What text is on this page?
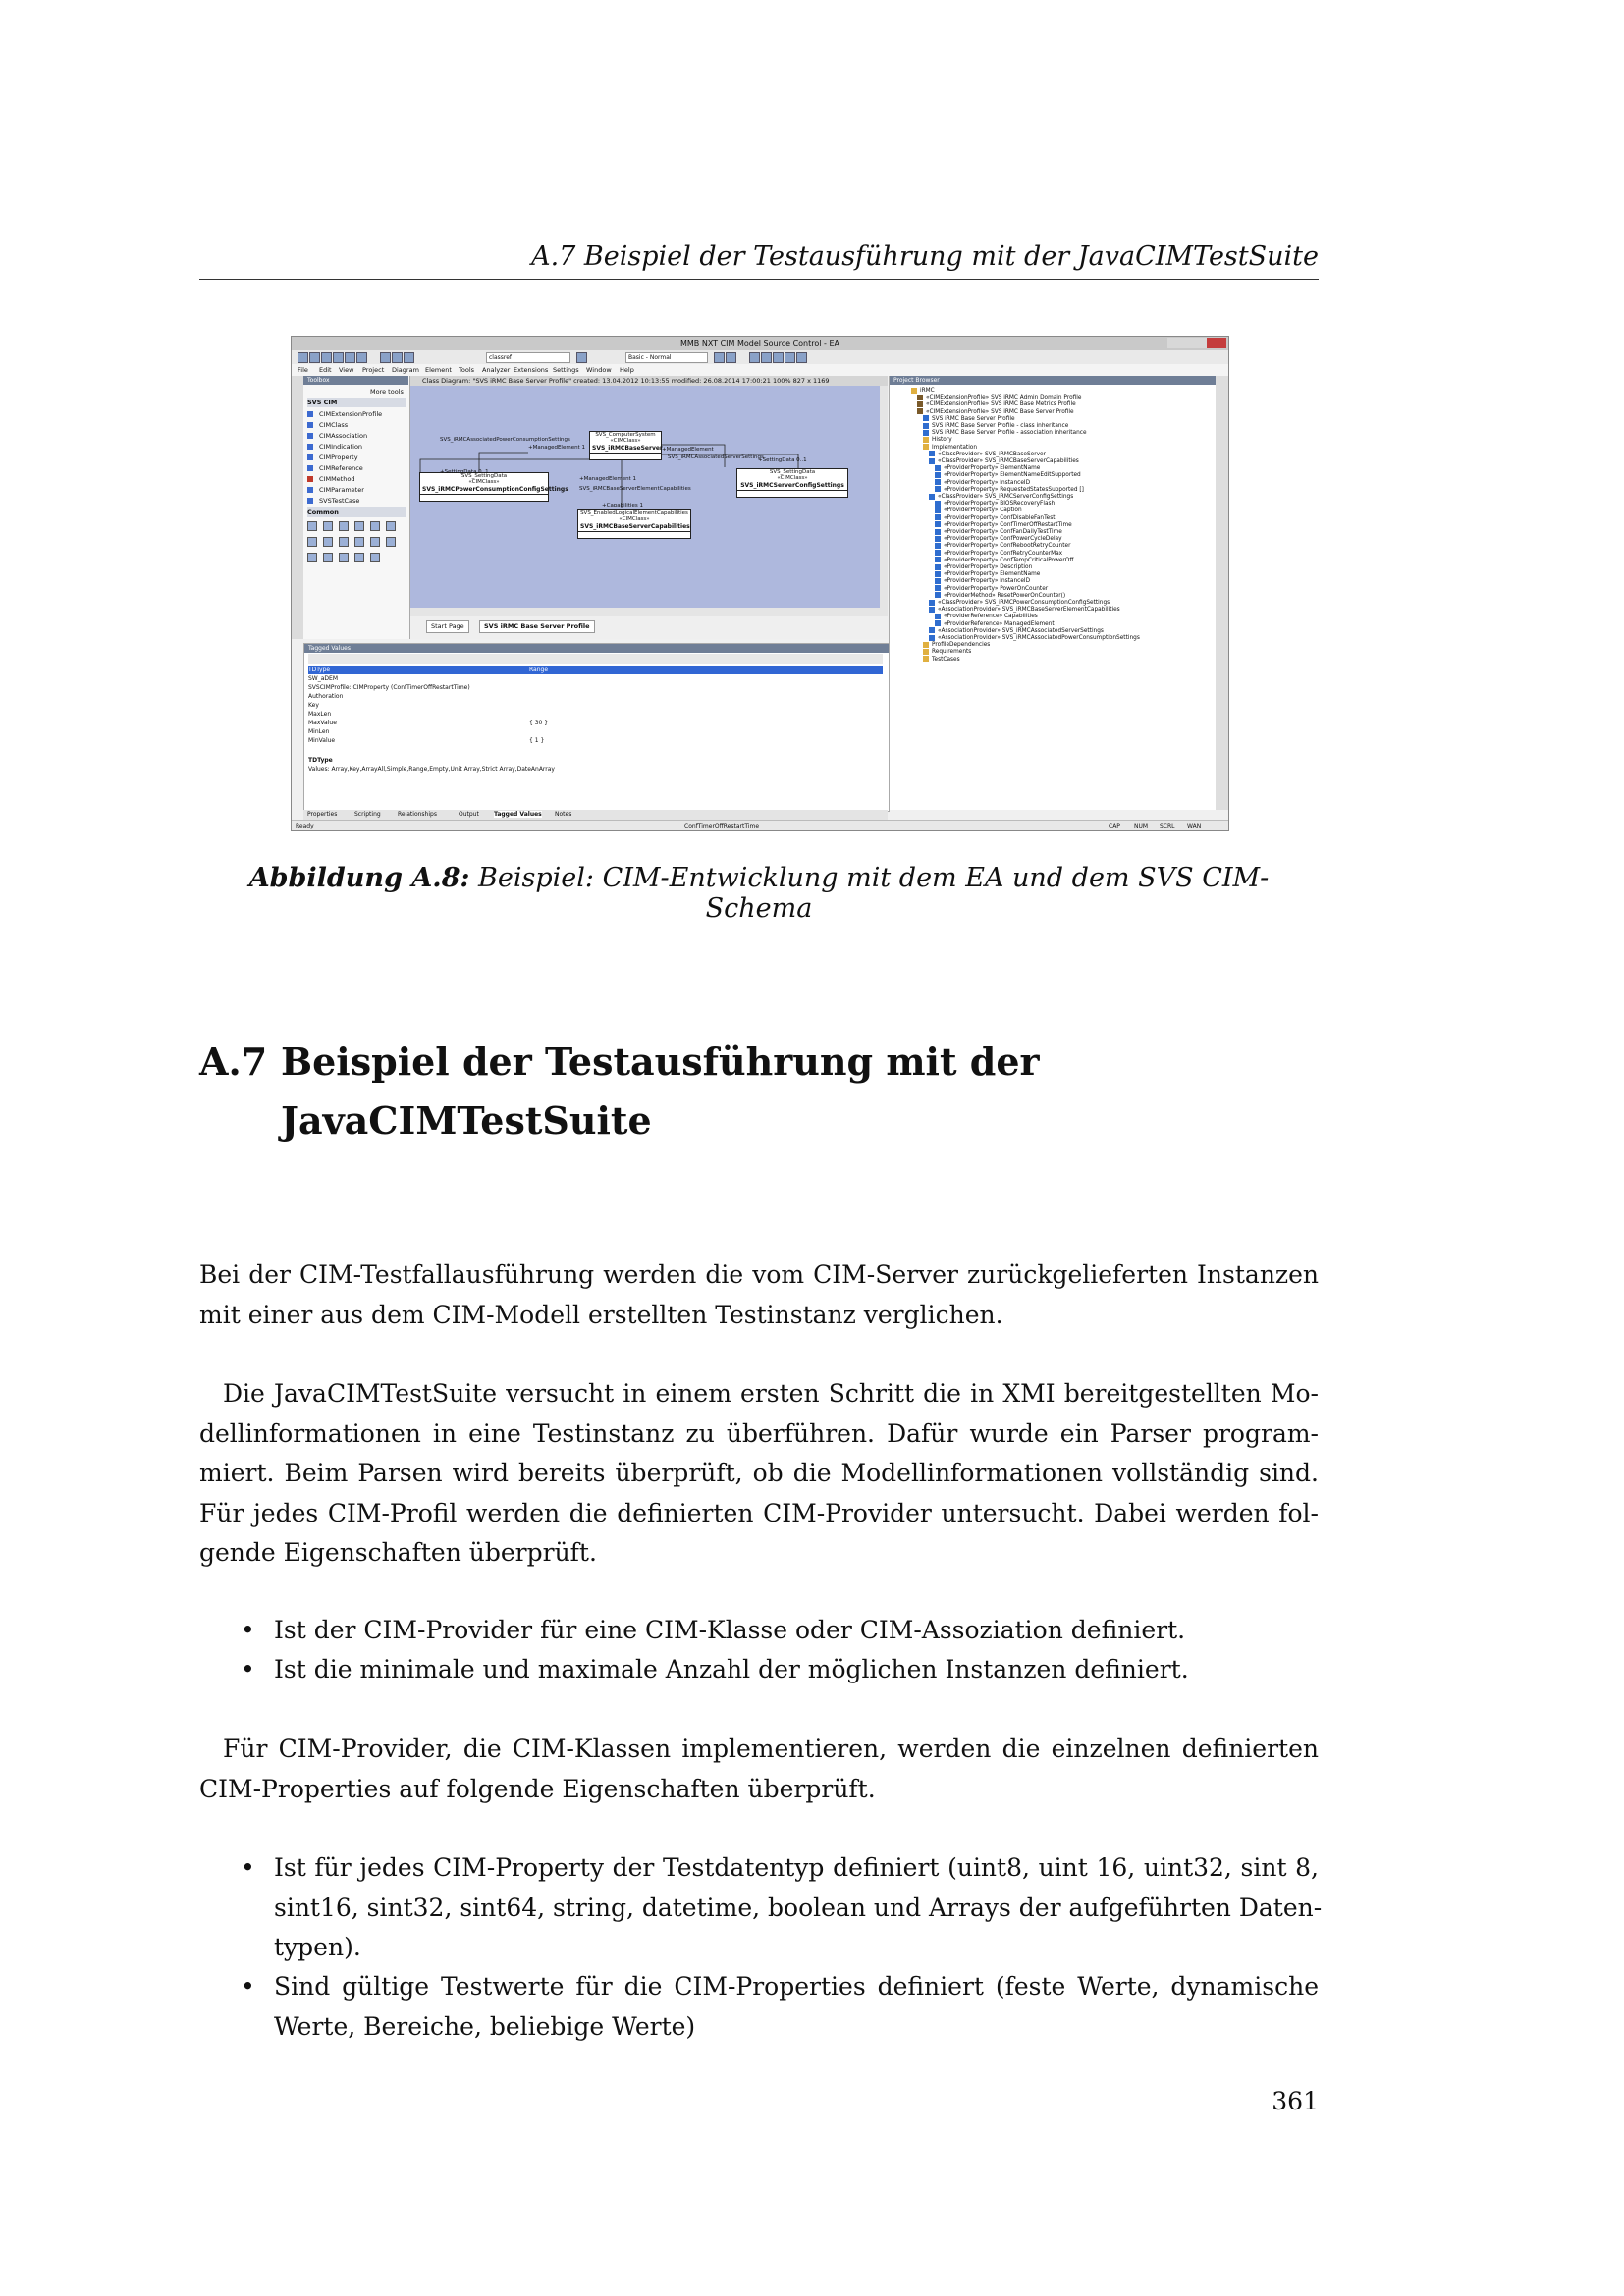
A.7 Beispiel der Testausführung mit der JavaCIMTestSuite
MMB NXT CIM Model Source Control - EA
classref	Basic - Normal
File Edit View Project Diagram Element Tools Analyzer Extensions Settings Window Help
Toolbox
More tools
SVS CIM
CIMExtensionProfile
CIMClass
CIMAssociation
CIMIndication
CIMProperty
CIMReference
CIMMethod
CIMParameter
SVSTestCase
Common
Class Diagram: "SVS iRMC Base Server Profile" created: 13.04.2012 10:13:55 modified: 26.08.2014 17:00:21 100% 827 x 1169
SVS_ComputerSystem
«CIMClass»
SVS_iRMCBaseServer
SVS_SettingData
«CIMClass»
SVS_iRMCPowerConsumptionConfigSettings
SVS_SettingData
«CIMClass»
SVS_iRMCServerConfigSettings
SVS_EnabledLogicalElementCapabilities
«CIMClass»
SVS_iRMCBaseServerCapabilities
SVS_iRMCAssociatedPowerConsumptionSettings
+ManagedElement 1	+ManagedElement
SVS_iRMCAssociatedServerSettings
+SettingData 0..1
+ManagedElement 1
SVS_iRMCBaseServerElementCapabilities
+Capabilities 1
+SettingData 0..1
Start Page	SVS iRMC Base Server Profile
Tagged Values
TDType	Range
SW_aDEM
SVSCIMProfile::CIMProperty (ConfTimerOffRestartTime)
Authoration
Key
MaxLen
MaxValue	{ 30 }
MinLen
MinValue	{ 1 }
TDType
Values: Array,Key,ArrayAll,Simple,Range,Empty,Unit Array,Strict Array,DateAnArray
Properties	Scripting	Relationships	Output	Tagged Values Notes
Project Browser
iRMC
«CIMExtensionProfile» SVS iRMC Admin Domain Profile
«CIMExtensionProfile» SVS iRMC Base Metrics Profile
«CIMExtensionProfile» SVS iRMC Base Server Profile
SVS iRMC Base Server Profile
SVS iRMC Base Server Profile - class inheritance
SVS iRMC Base Server Profile - association inheritance
History
Implementation
«ClassProvider» SVS_iRMCBaseServer
«ClassProvider» SVS_iRMCBaseServerCapabilities
«ProviderProperty» ElementName
«ProviderProperty» ElementNameEditSupported
«ProviderProperty» InstanceID
«ProviderProperty» RequestedStatesSupported []
«ClassProvider» SVS_iRMCServerConfigSettings
«ProviderProperty» BIOSRecoveryFlash
«ProviderProperty» Caption
«ProviderProperty» ConfDisableFanTest
«ProviderProperty» ConfTimerOffRestartTime
«ProviderProperty» ConfFanDailyTestTime
«ProviderProperty» ConfPowerCycleDelay
«ProviderProperty» ConfRebootRetryCounter
«ProviderProperty» ConfRetryCounterMax
«ProviderProperty» ConfTempCriticalPowerOff
«ProviderProperty» Description
«ProviderProperty» ElementName
«ProviderProperty» InstanceID
«ProviderProperty» PowerOnCounter
«ProviderMethod» ResetPowerOnCounter()
«ClassProvider» SVS_iRMCPowerConsumptionConfigSettings
«AssociationProvider» SVS_iRMCBaseServerElementCapabilities
«ProviderReference» Capabilities
«ProviderReference» ManagedElement
«AssociationProvider» SVS_iRMCAssociatedServerSettings
«AssociationProvider» SVS_iRMCAssociatedPowerConsumptionSettings
ProfileDependencies
Requirements
TestCases
Ready	ConfTimerOffRestartTime	CAP NUM SCRL WAN
Abbildung A.8: Beispiel: CIM-Entwicklung mit dem EA und dem SVS CIM-Schema
A.7 Beispiel der Testausführung mit der
JavaCIMTestSuite
Bei der CIM-Testfallausführung werden die vom CIM-Server zurückgelieferten Instanzen
mit einer aus dem CIM-Modell erstellten Testinstanz verglichen.
Die JavaCIMTestSuite versucht in einem ersten Schritt die in XMI bereitgestellten Mo-
dellinformationen in eine Testinstanz zu überführen. Dafür wurde ein Parser program-
miert. Beim Parsen wird bereits überprüft, ob die Modellinformationen vollständig sind.
Für jedes CIM-Profil werden die definierten CIM-Provider untersucht. Dabei werden fol-
gende Eigenschaften überprüft.
• Ist der CIM-Provider für eine CIM-Klasse oder CIM-Assoziation definiert.
• Ist die minimale und maximale Anzahl der möglichen Instanzen definiert.
Für CIM-Provider, die CIM-Klassen implementieren, werden die einzelnen definierten
CIM-Properties auf folgende Eigenschaften überprüft.
• Ist für jedes CIM-Property der Testdatentyp definiert (uint8, uint 16, uint32, sint 8,
sint16, sint32, sint64, string, datetime, boolean und Arrays der aufgeführten Daten-
typen).
• Sind gültige Testwerte für die CIM-Properties definiert (feste Werte, dynamische
Werte, Bereiche, beliebige Werte)
361
